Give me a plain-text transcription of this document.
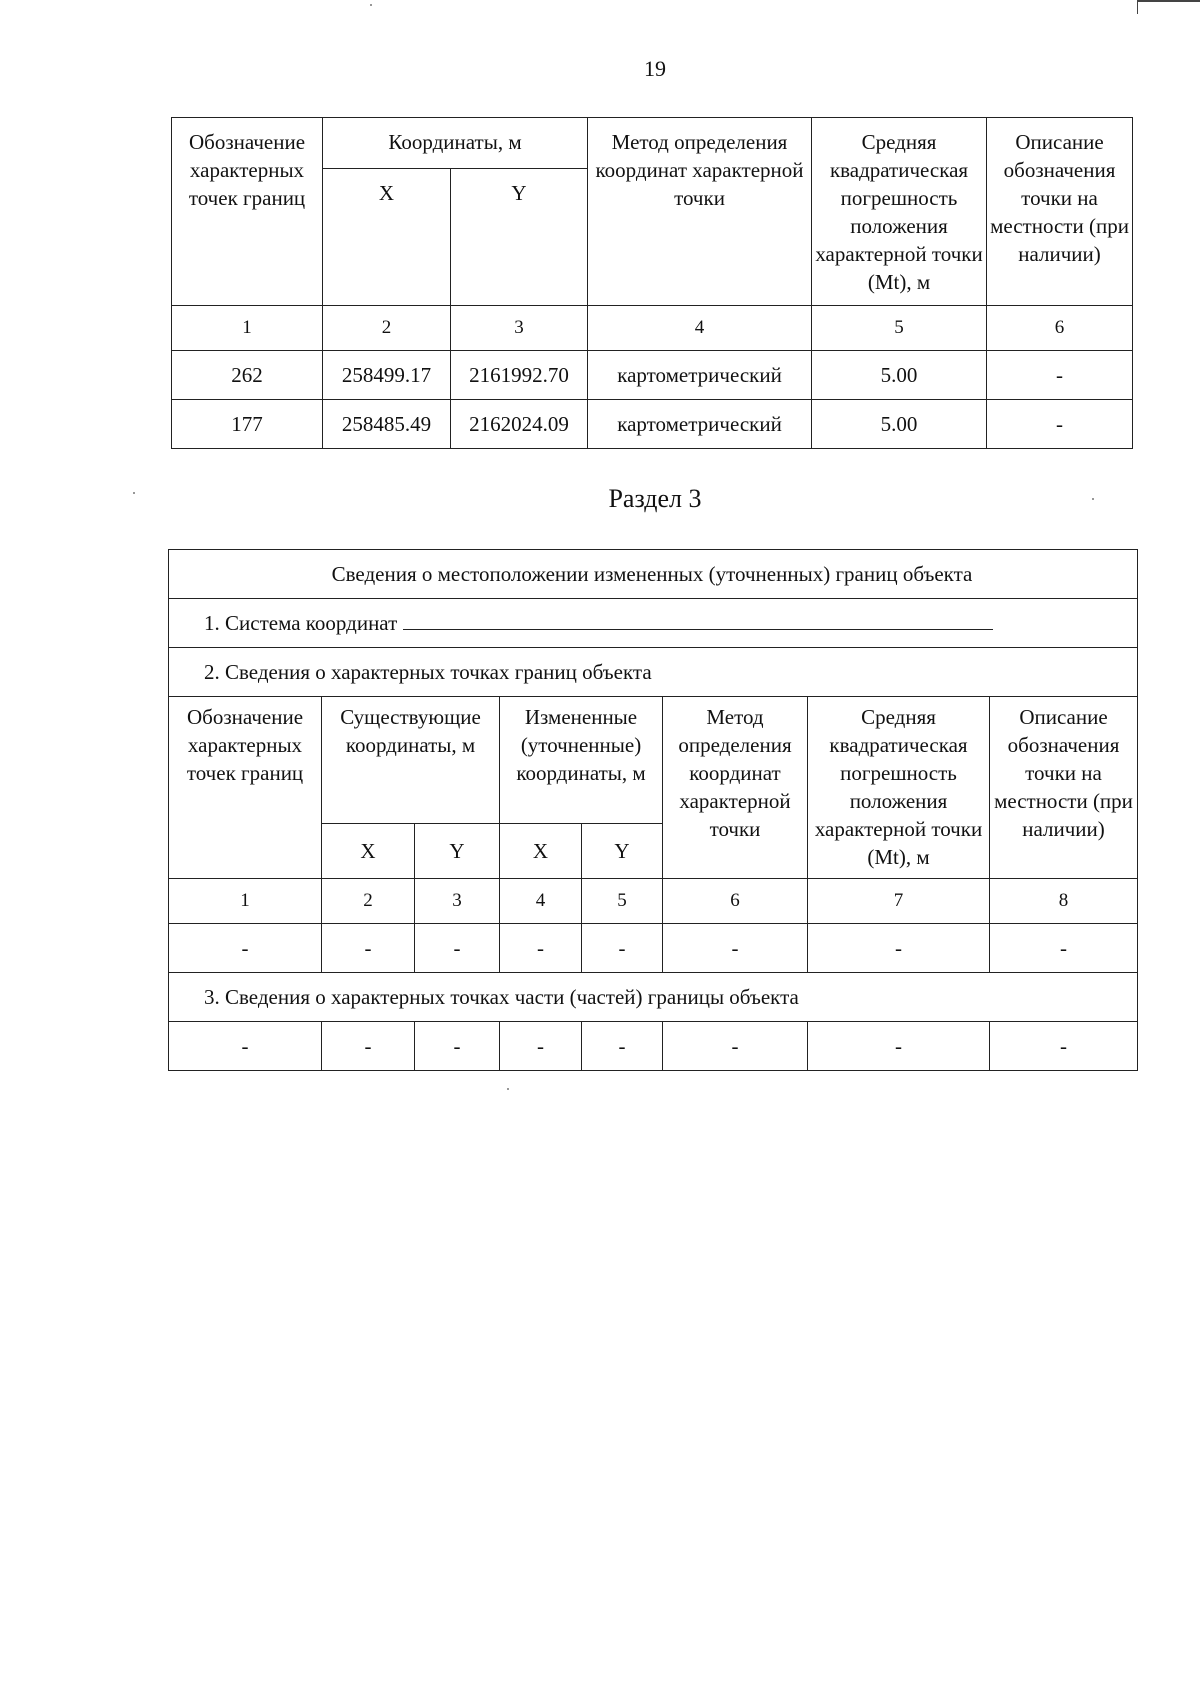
19
Обозначение характерных точек границ	Координаты, м		Метод определения координат характерной точки	Средняя квадратическая погрешность положения характерной точки (Mt), м	Описание обозначения точки на местности (при наличии)
	X	Y			
1	2	3	4	5	6
262	258499.17	2161992.70	картометрический	5.00	-
177	258485.49	2162024.09	картометрический	5.00	-
Раздел 3
Сведения о местоположении измененных (уточненных) границ объекта							
1. Система координат							
2. Сведения о характерных точках границ объекта							
Обозначение характерных точек границ	Существующие координаты, м		Измененные (уточненные) координаты, м		Метод определения координат характерной точки	Средняя квадратическая погрешность положения характерной точки (Mt), м	Описание обозначения точки на местности (при наличии)
	X	Y	X	Y			
1	2	3	4	5	6	7	8
-	-	-	-	-	-	-	-
3. Сведения о характерных точках части (частей) границы объекта							
-	-	-	-	-	-	-	-
